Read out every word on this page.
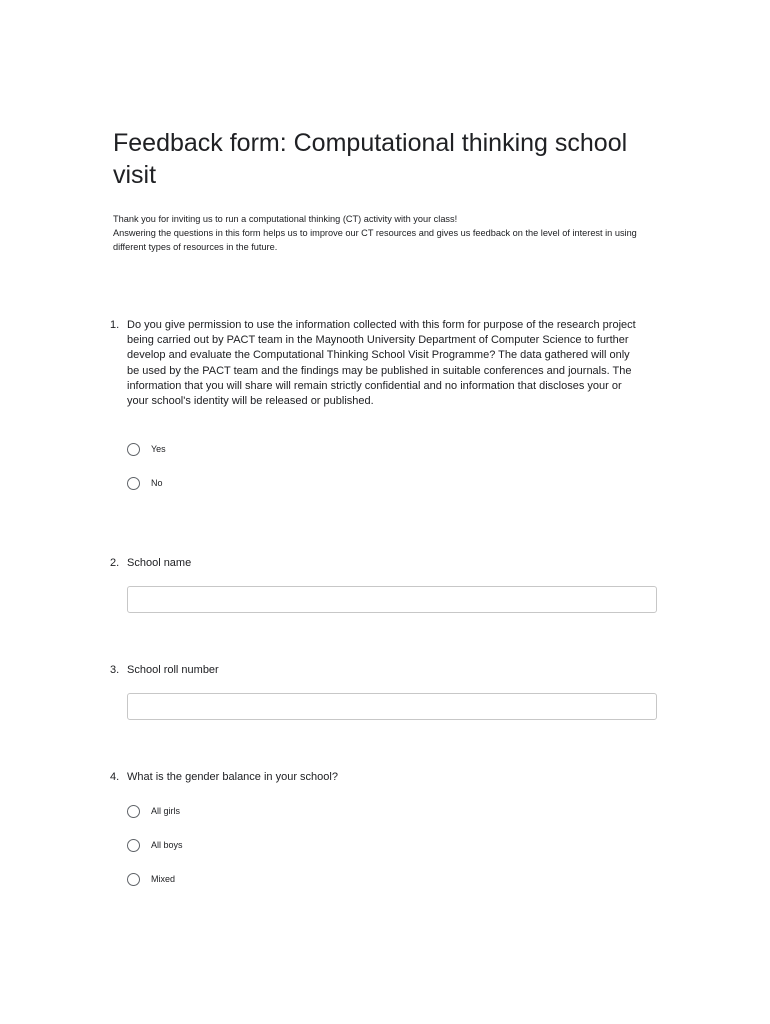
Feedback form: Computational thinking school visit

Thank you for inviting us to run a computational thinking (CT) activity with your class!

Answering the questions in this form helps us to improve our CT resources and gives us feedback on the level of interest in using different types of resources in the future.

1. Do you give permission to use the information collected with this form for purpose of the research project being carried out by PACT team in the Maynooth University Department of Computer Science to further develop and evaluate the Computational Thinking School Visit Programme? The data gathered will only be used by the PACT team and the findings may be published in suitable conferences and journals. The information that you will share will remain strictly confidential and no information that discloses your or your school's identity will be released or published.
Yes
No
2. School name
3. School roll number
4. What is the gender balance in your school?
All girls
All boys
Mixed
